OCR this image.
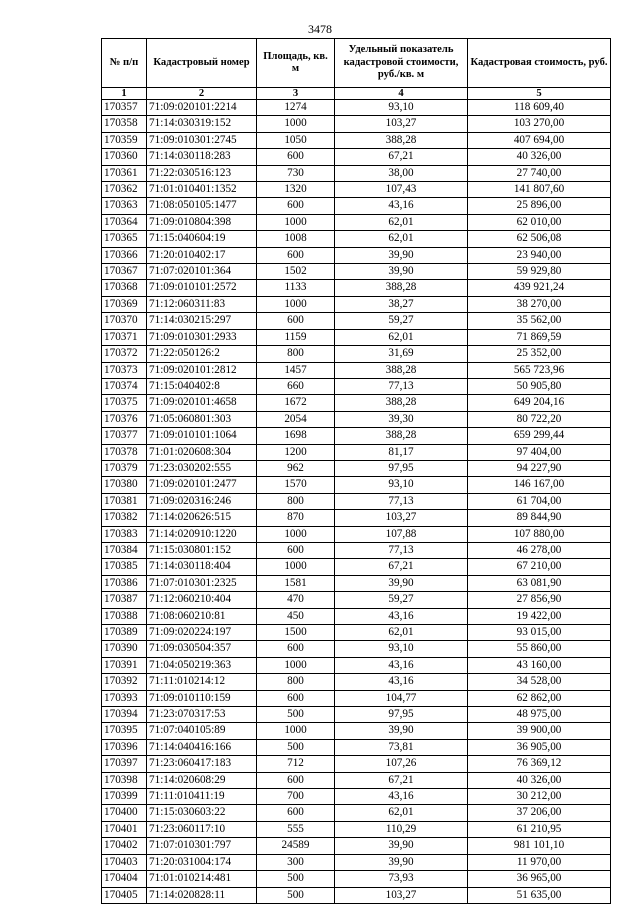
3478
№ п/п	Кадастровый номер	Площадь, кв. м	Удельный показатель кадастровой стоимости, руб./кв. м	Кадастровая стоимость, руб.
1	2	3	4	5
170357	71:09:020101:2214	1274	93,10	118 609,40
170358	71:14:030319:152	1000	103,27	103 270,00
170359	71:09:010301:2745	1050	388,28	407 694,00
170360	71:14:030118:283	600	67,21	40 326,00
170361	71:22:030516:123	730	38,00	27 740,00
170362	71:01:010401:1352	1320	107,43	141 807,60
170363	71:08:050105:1477	600	43,16	25 896,00
170364	71:09:010804:398	1000	62,01	62 010,00
170365	71:15:040604:19	1008	62,01	62 506,08
170366	71:20:010402:17	600	39,90	23 940,00
170367	71:07:020101:364	1502	39,90	59 929,80
170368	71:09:010101:2572	1133	388,28	439 921,24
170369	71:12:060311:83	1000	38,27	38 270,00
170370	71:14:030215:297	600	59,27	35 562,00
170371	71:09:010301:2933	1159	62,01	71 869,59
170372	71:22:050126:2	800	31,69	25 352,00
170373	71:09:020101:2812	1457	388,28	565 723,96
170374	71:15:040402:8	660	77,13	50 905,80
170375	71:09:020101:4658	1672	388,28	649 204,16
170376	71:05:060801:303	2054	39,30	80 722,20
170377	71:09:010101:1064	1698	388,28	659 299,44
170378	71:01:020608:304	1200	81,17	97 404,00
170379	71:23:030202:555	962	97,95	94 227,90
170380	71:09:020101:2477	1570	93,10	146 167,00
170381	71:09:020316:246	800	77,13	61 704,00
170382	71:14:020626:515	870	103,27	89 844,90
170383	71:14:020910:1220	1000	107,88	107 880,00
170384	71:15:030801:152	600	77,13	46 278,00
170385	71:14:030118:404	1000	67,21	67 210,00
170386	71:07:010301:2325	1581	39,90	63 081,90
170387	71:12:060210:404	470	59,27	27 856,90
170388	71:08:060210:81	450	43,16	19 422,00
170389	71:09:020224:197	1500	62,01	93 015,00
170390	71:09:030504:357	600	93,10	55 860,00
170391	71:04:050219:363	1000	43,16	43 160,00
170392	71:11:010214:12	800	43,16	34 528,00
170393	71:09:010110:159	600	104,77	62 862,00
170394	71:23:070317:53	500	97,95	48 975,00
170395	71:07:040105:89	1000	39,90	39 900,00
170396	71:14:040416:166	500	73,81	36 905,00
170397	71:23:060417:183	712	107,26	76 369,12
170398	71:14:020608:29	600	67,21	40 326,00
170399	71:11:010411:19	700	43,16	30 212,00
170400	71:15:030603:22	600	62,01	37 206,00
170401	71:23:060117:10	555	110,29	61 210,95
170402	71:07:010301:797	24589	39,90	981 101,10
170403	71:20:031004:174	300	39,90	11 970,00
170404	71:01:010214:481	500	73,93	36 965,00
170405	71:14:020828:11	500	103,27	51 635,00
